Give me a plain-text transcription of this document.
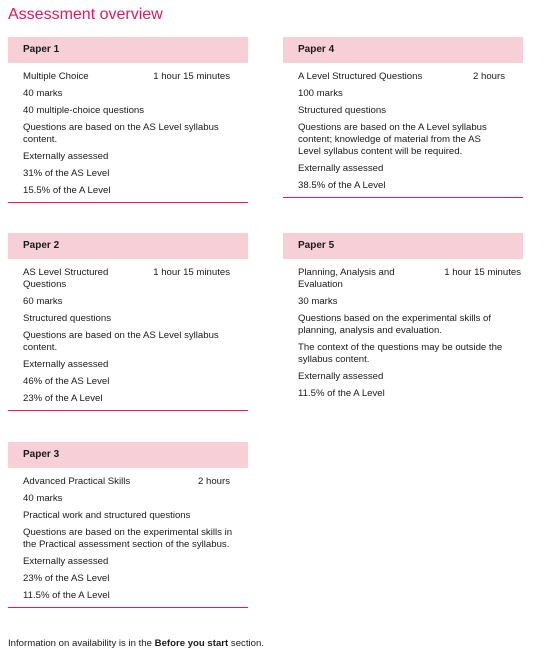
Assessment overview
Paper 1
Multiple Choice	1 hour 15 minutes
40 marks
40 multiple-choice questions
Questions are based on the AS Level syllabus content.
Externally assessed
31% of the AS Level
15.5% of the A Level
Paper 4
A Level Structured Questions	2 hours
100 marks
Structured questions
Questions are based on the A Level syllabus content; knowledge of material from the AS Level syllabus content will be required.
Externally assessed
38.5% of the A Level
Paper 2
AS Level Structured Questions
1 hour 15 minutes
60 marks
Structured questions
Questions are based on the AS Level syllabus content.
Externally assessed
46% of the AS Level
23% of the A Level
Paper 5
Planning, Analysis and Evaluation
1 hour 15 minutes
30 marks
Questions based on the experimental skills of planning, analysis and evaluation.
The context of the questions may be outside the syllabus content.
Externally assessed
11.5% of the A Level
Paper 3
Advanced Practical Skills	2 hours
40 marks
Practical work and structured questions
Questions are based on the experimental skills in the Practical assessment section of the syllabus.
Externally assessed
23% of the AS Level
11.5% of the A Level
Information on availability is in the Before you start section.
